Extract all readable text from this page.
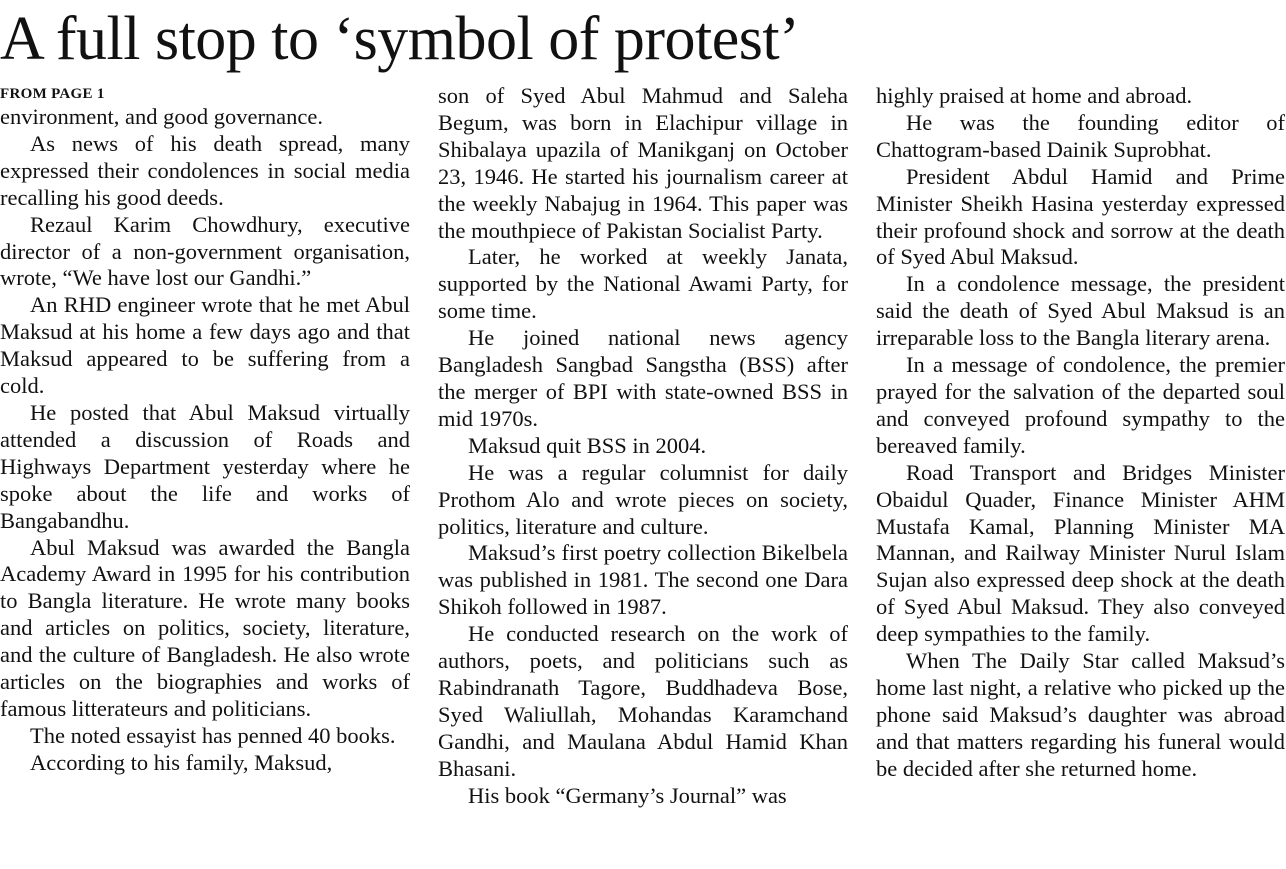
A full stop to ‘symbol of protest’
FROM PAGE 1

environment, and good governance.

As news of his death spread, many expressed their condolences in social media recalling his good deeds.

Rezaul Karim Chowdhury, executive director of a non-government organisation, wrote, “We have lost our Gandhi.”

An RHD engineer wrote that he met Abul Maksud at his home a few days ago and that Maksud appeared to be suffering from a cold.

He posted that Abul Maksud virtually attended a discussion of Roads and Highways Department yesterday where he spoke about the life and works of Bangabandhu.

Abul Maksud was awarded the Bangla Academy Award in 1995 for his contribution to Bangla literature. He wrote many books and articles on politics, society, literature, and the culture of Bangladesh. He also wrote articles on the biographies and works of famous litterateurs and politicians.

The noted essayist has penned 40 books.

According to his family, Maksud,

son of Syed Abul Mahmud and Saleha Begum, was born in Elachipur village in Shibalaya upazila of Manikganj on October 23, 1946. He started his journalism career at the weekly Nabajug in 1964. This paper was the mouthpiece of Pakistan Socialist Party.

Later, he worked at weekly Janata, supported by the National Awami Party, for some time.

He joined national news agency Bangladesh Sangbad Sangstha (BSS) after the merger of BPI with state-owned BSS in mid 1970s.

Maksud quit BSS in 2004.

He was a regular columnist for daily Prothom Alo and wrote pieces on society, politics, literature and culture.

Maksud’s first poetry collection Bikelbela was published in 1981. The second one Dara Shikoh followed in 1987.

He conducted research on the work of authors, poets, and politicians such as Rabindranath Tagore, Buddhadeva Bose, Syed Waliullah, Mohandas Karamchand Gandhi, and Maulana Abdul Hamid Khan Bhasani.

His book “Germany’s Journal” was

highly praised at home and abroad.

He was the founding editor of Chattogram-based Dainik Suprobhat.

President Abdul Hamid and Prime Minister Sheikh Hasina yesterday expressed their profound shock and sorrow at the death of Syed Abul Maksud.

In a condolence message, the president said the death of Syed Abul Maksud is an irreparable loss to the Bangla literary arena.

In a message of condolence, the premier prayed for the salvation of the departed soul and conveyed profound sympathy to the bereaved family.

Road Transport and Bridges Minister Obaidul Quader, Finance Minister AHM Mustafa Kamal, Planning Minister MA Mannan, and Railway Minister Nurul Islam Sujan also expressed deep shock at the death of Syed Abul Maksud. They also conveyed deep sympathies to the family.

When The Daily Star called Maksud’s home last night, a relative who picked up the phone said Maksud’s daughter was abroad and that matters regarding his funeral would be decided after she returned home.
